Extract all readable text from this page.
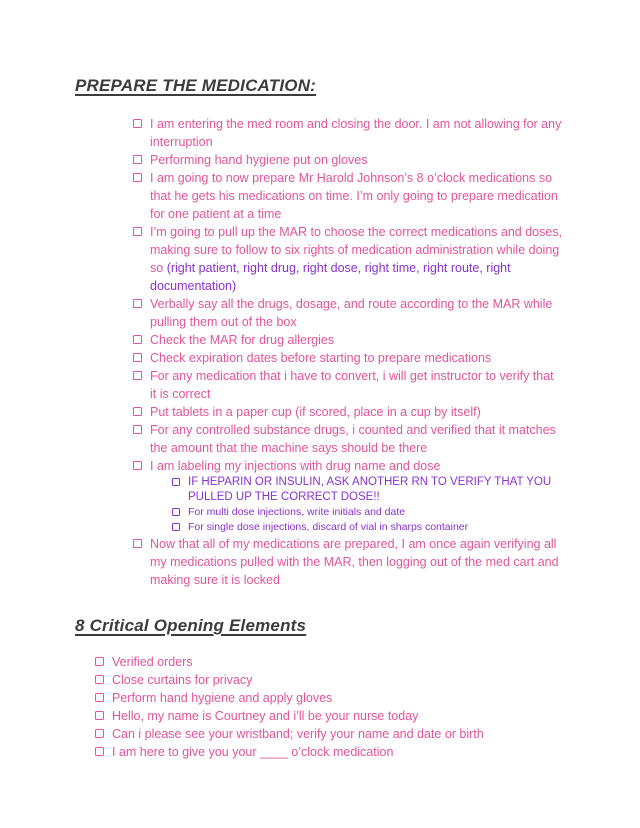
PREPARE THE MEDICATION:
I am entering the med room and closing the door. I am not allowing for any interruption
Performing hand hygiene put on gloves
I am going to now prepare Mr Harold Johnson’s 8 o’clock medications so that he gets his medications on time. I’m only going to prepare medication for one patient at a time
I’m going to pull up the MAR to choose the correct medications and doses, making sure to follow to six rights of medication administration while doing so (right patient, right drug, right dose, right time, right route, right documentation)
Verbally say all the drugs, dosage, and route according to the MAR while pulling them out of the box
Check the MAR for drug allergies
Check expiration dates before starting to prepare medications
For any medication that i have to convert, i will get instructor to verify that it is correct
Put tablets in a paper cup (if scored, place in a cup by itself)
For any controlled substance drugs, i counted and verified that it matches the amount that the machine says should be there
I am labeling my injections with drug name and dose
IF HEPARIN OR INSULIN, ASK ANOTHER RN TO VERIFY THAT YOU PULLED UP THE CORRECT DOSE!!
For multi dose injections, write initials and date
For single dose injections, discard of vial in sharps container
Now that all of my medications are prepared, I am once again verifying all my medications pulled with the MAR, then logging out of the med cart and making sure it is locked
8 Critical Opening Elements
Verified orders
Close curtains for privacy
Perform hand hygiene and apply gloves
Hello, my name is Courtney and i’ll be your nurse today
Can i please see your wristband; verify your name and date or birth
I am here to give you your ____ o’clock medication
